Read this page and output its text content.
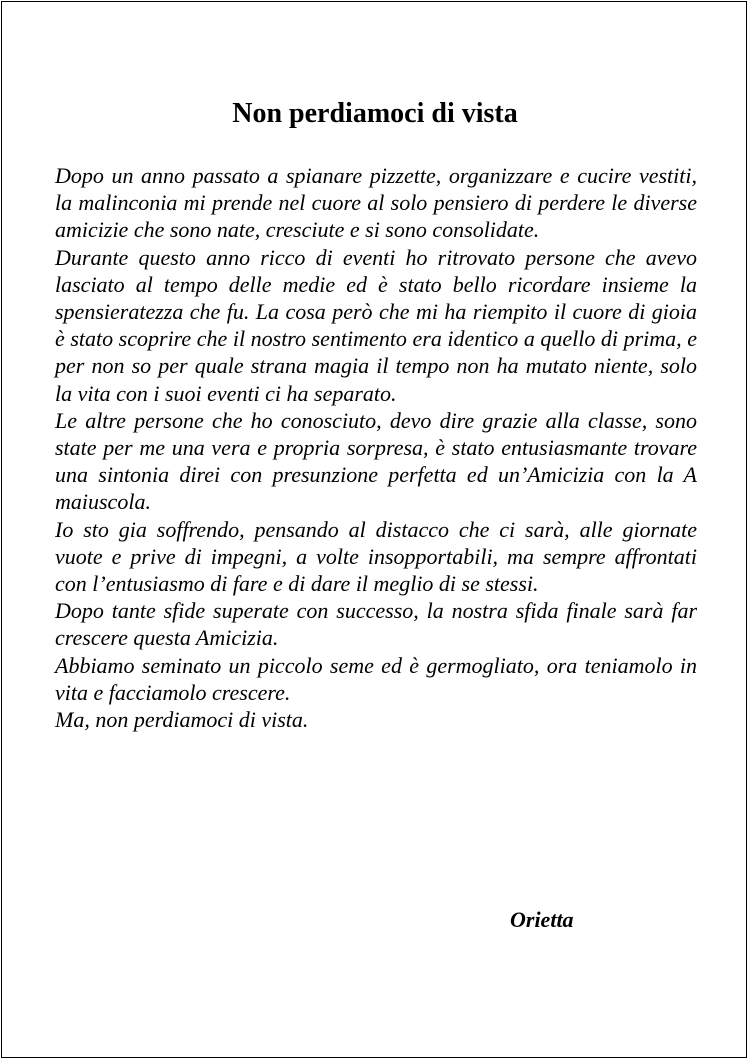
Non perdiamoci di vista

Dopo un anno passato a spianare pizzette, organizzare e cucire vestiti, la malinconia mi prende nel cuore al solo pensiero di perdere le diverse amicizie che sono nate, cresciute e si sono consolidate.

Durante questo anno ricco di eventi ho ritrovato persone che avevo lasciato al tempo delle medie ed è stato bello ricordare insieme la spensieratezza che fu. La cosa però che mi ha riempito il cuore di gioia è stato scoprire che il nostro sentimento era identico a quello di prima, e per non so per quale strana magia il tempo non ha mutato niente, solo la vita con i suoi eventi ci ha separato.

Le altre persone che ho conosciuto, devo dire grazie alla classe, sono state per me una vera e propria sorpresa, è stato entusiasmante trovare una sintonia direi con presunzione perfetta ed un’Amicizia con la A maiuscola.

Io sto gia soffrendo, pensando al distacco che ci sarà, alle giornate vuote e prive di impegni, a volte insopportabili, ma sempre affrontati con l’entusiasmo di fare e di dare il meglio di se stessi.

Dopo tante sfide superate con successo, la nostra sfida finale sarà far crescere questa Amicizia.

Abbiamo seminato un piccolo seme ed è germogliato, ora teniamolo in vita e facciamolo crescere.

Ma, non perdiamoci di vista.

Orietta
